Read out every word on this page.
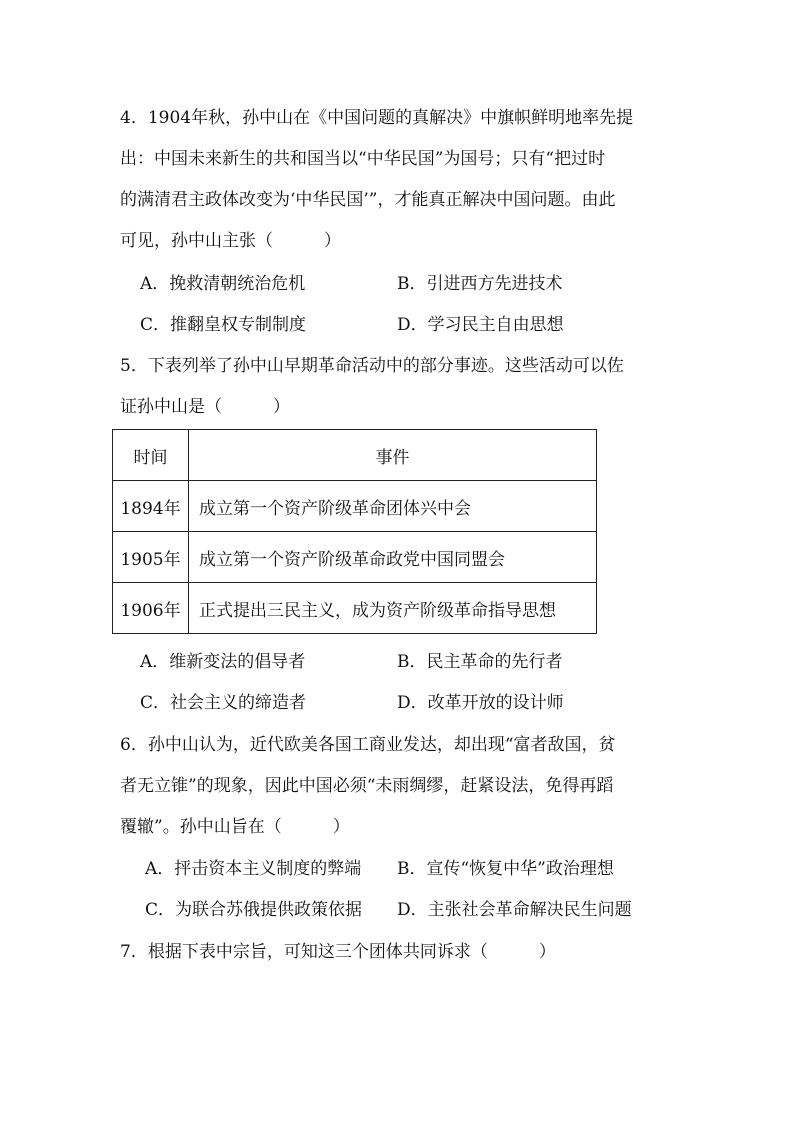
4．1904年秋，孙中山在《中国问题的真解决》中旗帜鲜明地率先提
出：中国未来新生的共和国当以“中华民国”为国号；只有“把过时
的满清君主政体改变为‘中华民国’”，才能真正解决中国问题。由此
可见，孙中山主张（　　　）
A．挽救清朝统治危机	B．引进西方先进技术
C．推翻皇权专制制度	D．学习民主自由思想
5．下表列举了孙中山早期革命活动中的部分事迹。这些活动可以佐
证孙中山是（　　　）
时间	事件
1894年	成立第一个资产阶级革命团体兴中会
1905年	成立第一个资产阶级革命政党中国同盟会
1906年	正式提出三民主义，成为资产阶级革命指导思想
A．维新变法的倡导者	B．民主革命的先行者
C．社会主义的缔造者	D．改革开放的设计师
6．孙中山认为，近代欧美各国工商业发达，却出现“富者敌国，贫
者无立锥”的现象，因此中国必须“未雨绸缪，赶紧设法，免得再蹈
覆辙”。孙中山旨在（　　　）
A．抨击资本主义制度的弊端 B．宣传“恢复中华”政治理想
C．为联合苏俄提供政策依据 D．主张社会革命解决民生问题
7．根据下表中宗旨，可知这三个团体共同诉求（　　　）
